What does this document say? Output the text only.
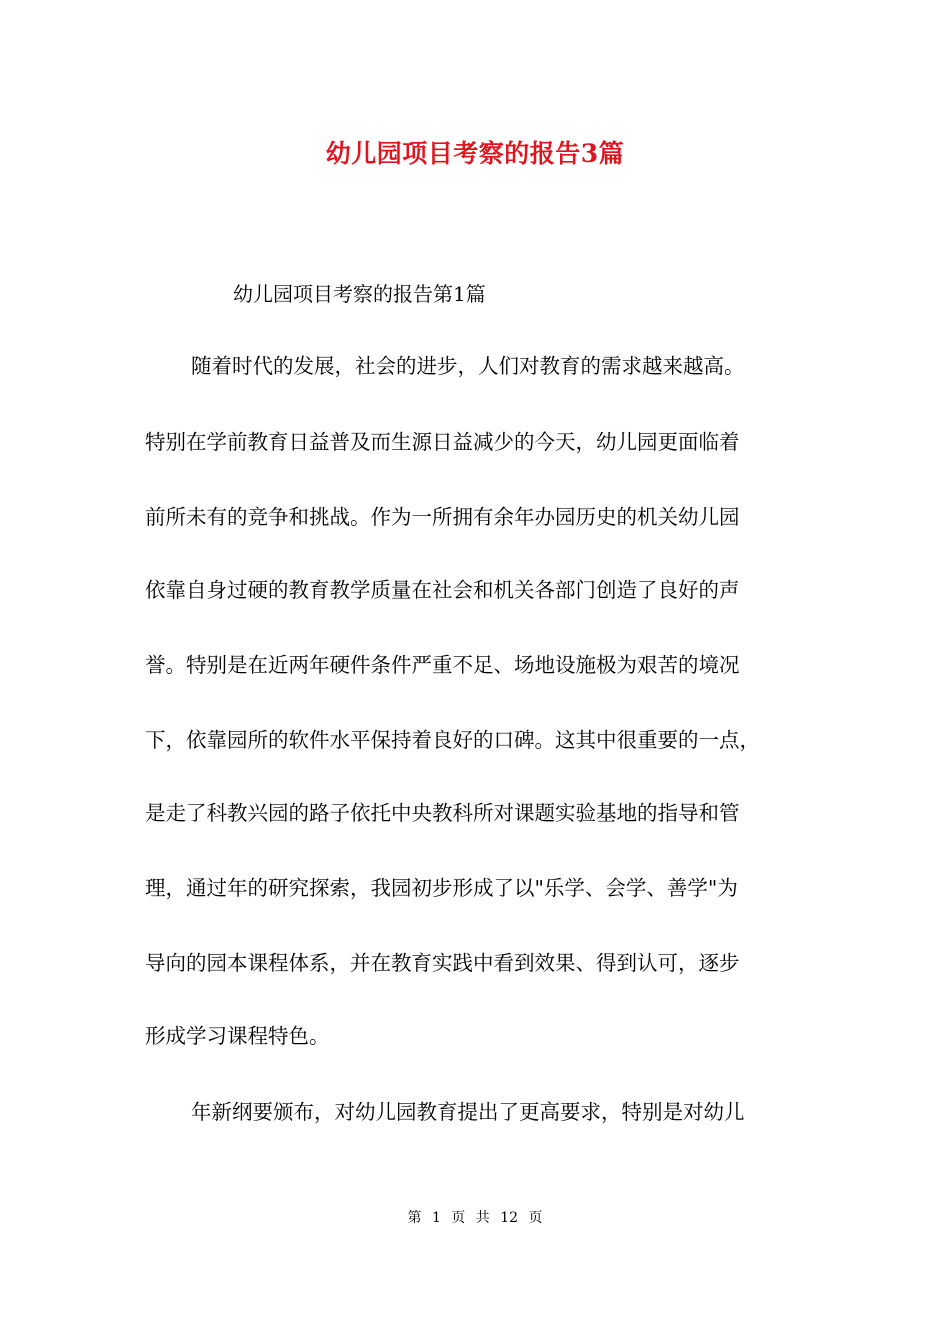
幼儿园项目考察的报告3篇
幼儿园项目考察的报告第1篇
随着时代的发展，社会的进步，人们对教育的需求越来越高。
特别在学前教育日益普及而生源日益减少的今天，幼儿园更面临着
前所未有的竞争和挑战。作为一所拥有余年办园历史的机关幼儿园
依靠自身过硬的教育教学质量在社会和机关各部门创造了良好的声
誉。特别是在近两年硬件条件严重不足、场地设施极为艰苦的境况
下，依靠园所的软件水平保持着良好的口碑。这其中很重要的一点，
是走了科教兴园的路子依托中央教科所对课题实验基地的指导和管
理，通过年的研究探索，我园初步形成了以"乐学、会学、善学"为
导向的园本课程体系，并在教育实践中看到效果、得到认可，逐步
形成学习课程特色。
年新纲要颁布，对幼儿园教育提出了更高要求，特别是对幼儿
第 1 页 共 12 页
